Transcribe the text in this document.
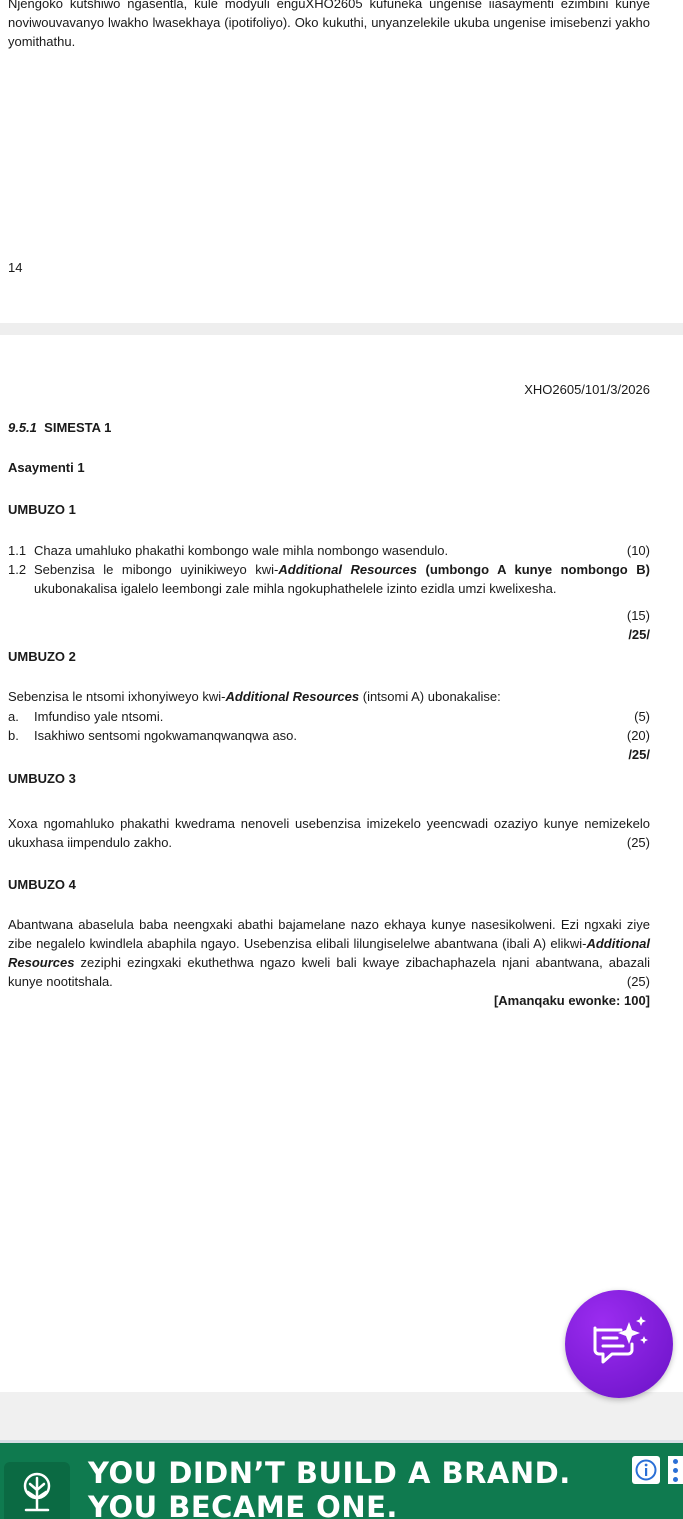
Njengoko kutshiwo ngasentla, kule modyuli enguXHO2605 kufuneka ungenise iiasaymenti ezimbini kunye noviwouvavanyo lwakho lwasekhaya (ipotifoliyo). Oko kukuthi, unyanzelekile ukuba ungenise imisebenzi yakho yomithathu.

14

XHO2605/101/3/2026

9.5.1 SIMESTA 1

Asaymenti 1

UMBUZO 1

1.1 Chaza umahluko phakathi kombongo wale mihla nombongo wasendulo.	(10)

1.2 Sebenzisa le mibongo uyinikiweyo kwi-Additional Resources (umbongo A kunye nombongo B) ukubonakalisa igalelo leembongi zale mihla ngokuphathelele izinto ezidla umzi kwelixesha.

(15)

/25/

UMBUZO 2

Sebenzisa le ntsomi ixhonyiweyo kwi-Additional Resources (intsomi A) ubonakalise:

a. Imfundiso yale ntsomi.	(5)

b. Isakhiwo sentsomi ngokwamanqwanqwa aso.	(20)

/25/

UMBUZO 3

Xoxa ngomahluko phakathi kwedrama nenoveli usebenzisa imizekelo yeencwadi ozaziyo kunye nemizekelo ukuxhasa iimpendulo zakho.	(25)

UMBUZO 4

Abantwana abaselula baba neengxaki abathi bajamelane nazo ekhaya kunye nasesikolweni. Ezi ngxaki ziye zibe negalelo kwindlela abaphila ngayo. Usebenzisa elibali lilungiselelwe abantwana (ibali A) elikwi-Additional Resources zeziphi ezingxaki ekuthethwa ngazo kweli bali kwaye zibachaphazela njani abantwana, abazali kunye nootitshala.	(25)

[Amanqaku ewonke: 100]

YOU DIDN’T BUILD A BRAND.
YOU BECAME ONE.
